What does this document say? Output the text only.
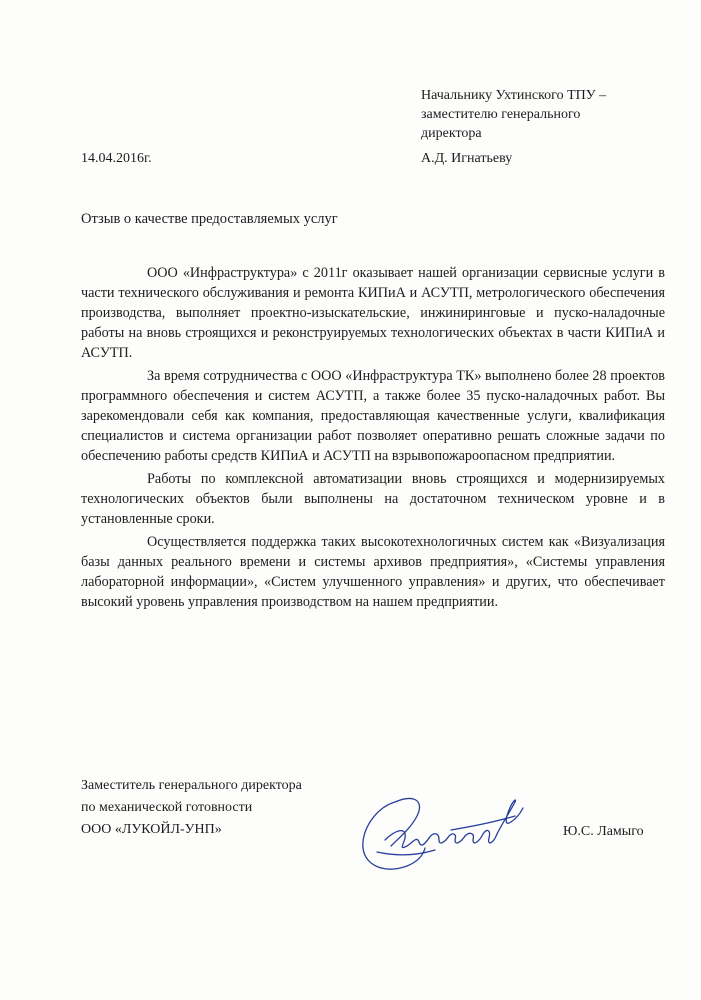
Начальнику Ухтинского ТПУ –
заместителю генерального
директора
14.04.2016г.	А.Д. Игнатьеву
Отзыв о качестве предоставляемых услуг

ООО «Инфраструктура» с 2011г оказывает нашей организации сервисные услуги в части технического обслуживания и ремонта КИПиА и АСУТП, метрологического обеспечения производства, выполняет проектно-изыскательские, инжиниринговые и пуско-наладочные работы на вновь строящихся и реконструируемых технологических объектах в части КИПиА и АСУТП.

За время сотрудничества с ООО «Инфраструктура ТК» выполнено более 28 проектов программного обеспечения и систем АСУТП, а также более 35 пуско-наладочных работ. Вы зарекомендовали себя как компания, предоставляющая качественные услуги, квалификация специалистов и система организации работ позволяет оперативно решать сложные задачи по обеспечению работы средств КИПиА и АСУТП на взрывопожароопасном предприятии.

Работы по комплексной автоматизации вновь строящихся и модернизируемых технологических объектов были выполнены на достаточном техническом уровне и в установленные сроки.

Осуществляется поддержка таких высокотехнологичных систем как «Визуализация базы данных реального времени и системы архивов предприятия», «Системы управления лабораторной информации», «Систем улучшенного управления» и других, что обеспечивает высокий уровень управления производством на нашем предприятии.

Заместитель генерального директора
по механической готовности
ООО «ЛУКОЙЛ-УНП»	Ю.С. Ламыго
